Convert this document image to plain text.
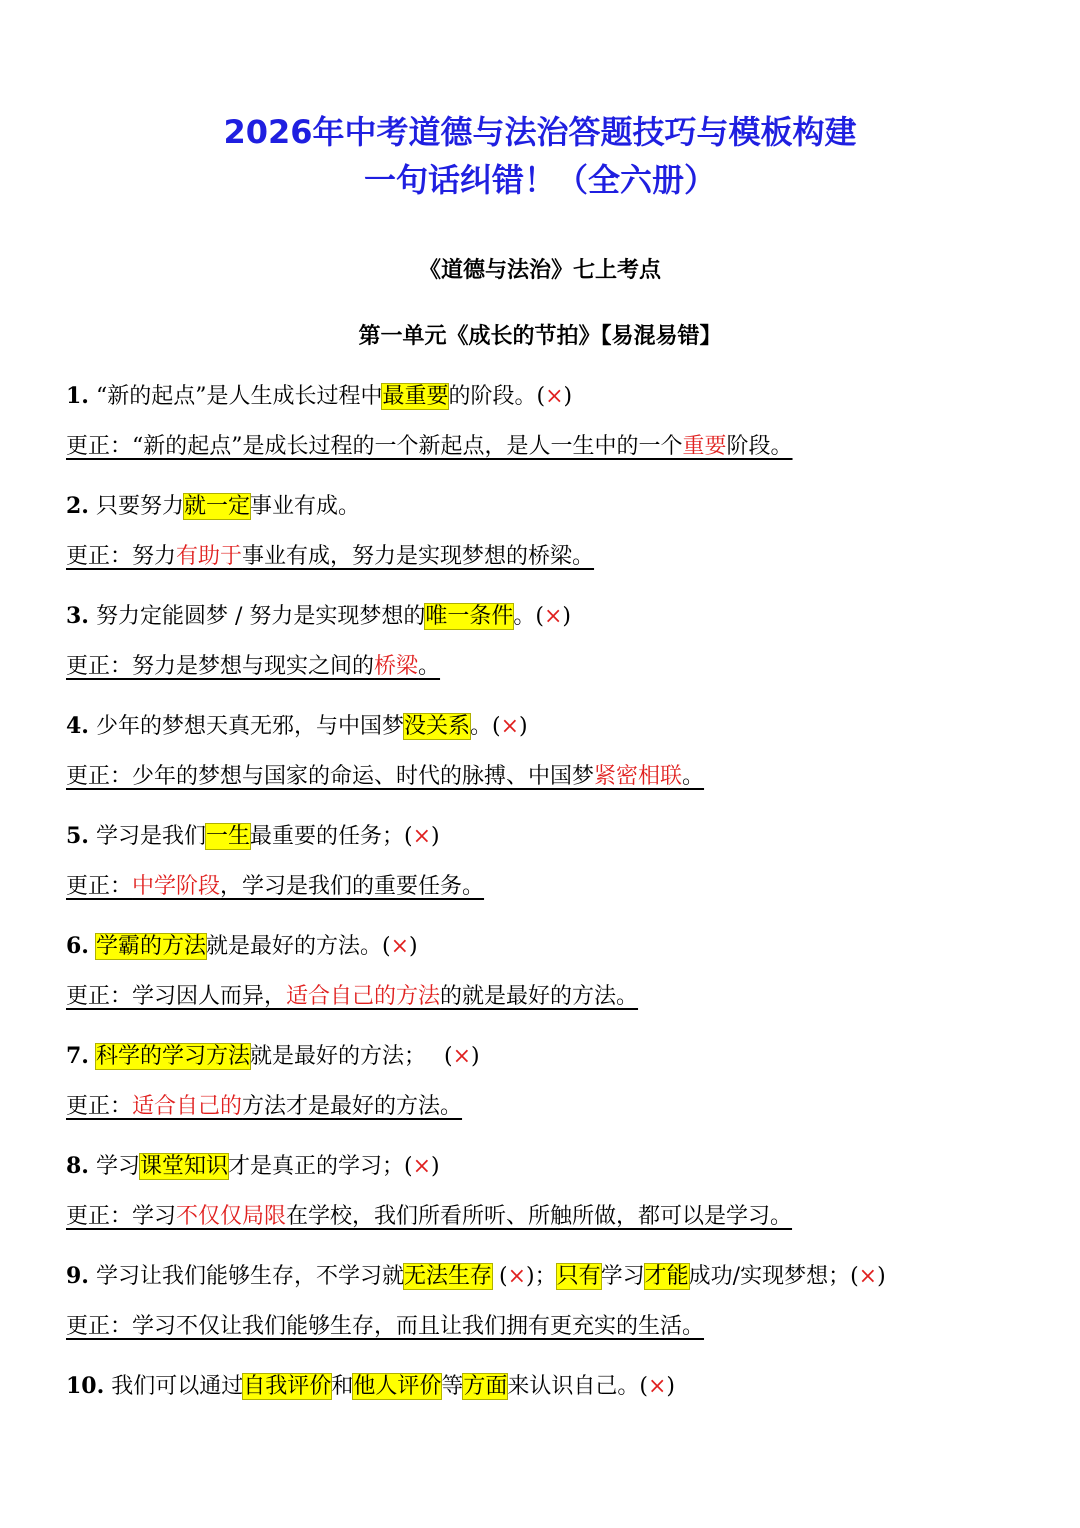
2026年中考道德与法治答题技巧与模板构建
一句话纠错！（全六册）
《道德与法治》七上考点
第一单元《成长的节拍》【易混易错】
1. “新的起点”是人生成长过程中最重要的阶段。(×)
更正：“新的起点”是成长过程的一个新起点，是人一生中的一个重要阶段。
2. 只要努力就一定事业有成。
更正：努力有助于事业有成，努力是实现梦想的桥梁。
3. 努力定能圆梦 / 努力是实现梦想的唯一条件。(×)
更正：努力是梦想与现实之间的桥梁。
4. 少年的梦想天真无邪，与中国梦没关系。(×)
更正：少年的梦想与国家的命运、时代的脉搏、中国梦紧密相联。
5. 学习是我们一生最重要的任务；(×)
更正：中学阶段，学习是我们的重要任务。
6. 学霸的方法就是最好的方法。(×)
更正：学习因人而异，适合自己的方法的就是最好的方法。
7. 科学的学习方法就是最好的方法；　 (×)
更正：适合自己的方法才是最好的方法。
8. 学习课堂知识才是真正的学习；(×)
更正：学习不仅仅局限在学校，我们所看所听、所触所做，都可以是学习。
9. 学习让我们能够生存，不学习就无法生存 (×)；只有学习才能成功/实现梦想；(×)
更正：学习不仅让我们能够生存，而且让我们拥有更充实的生活。
10. 我们可以通过自我评价和他人评价等方面来认识自己。(×)
